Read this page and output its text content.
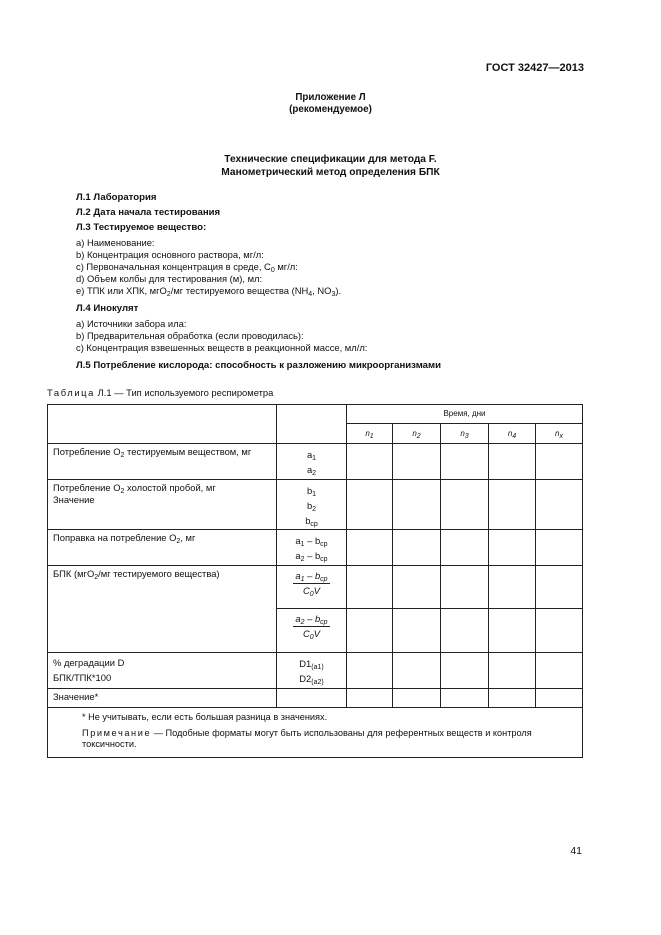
ГОСТ 32427—2013
Приложение Л
(рекомендуемое)
Технические спецификации для метода F.
Манометрический метод определения БПК
Л.1 Лаборатория
Л.2 Дата начала тестирования
Л.3 Тестируемое вещество:
а) Наименование:
b) Концентрация основного раствора, мг/л:
с) Первоначальная концентрация в среде, $С_0$ мг/л:
d) Объем колбы для тестирования (м), мл:
е) ТПК или ХПК, мгО$_2$/мг тестируемого вещества ($NH_4$, $NO_3$).
Л.4 Инокулят
а) Источники забора ила:
b) Предварительная обработка (если проводилась):
с) Концентрация взвешенных веществ в реакционной массе, мл/л:
Л.5 Потребление кислорода: способность к разложению микроорганизмами
Таблица Л.1 — Тип используемого респирометра
		Время, дни				
		$n_1$	$n_2$	$n_3$	$n_4$	$n_x$
Потребление $O_2$ тестируемым веществом, мг	$a_1$
$a_2$

Потребление $O_2$ холостой пробой, мг
Значение	$b_1$
$b_2$
$b_{ср}$

Поправка на потребление $O_2$, мг	$a_1 - b_{ср}$
$a_2 - b_{ср}$

БПК (мгO$_2$/мг тестируемого вещества)	$\frac{a_1 - b_{ср}}{C_0V}$

	$\frac{a_2 - b_{ср}}{C_0V}$

% деградации D
БПК/ТПК*100	$D1_{(а1)}$
$D2_{(а2)}$

Значение*						

* Не учитывать, если есть большая разница в значениях.
Примечание — Подобные форматы могут быть использованы для референтных веществ и контроля токсичности.						
41
